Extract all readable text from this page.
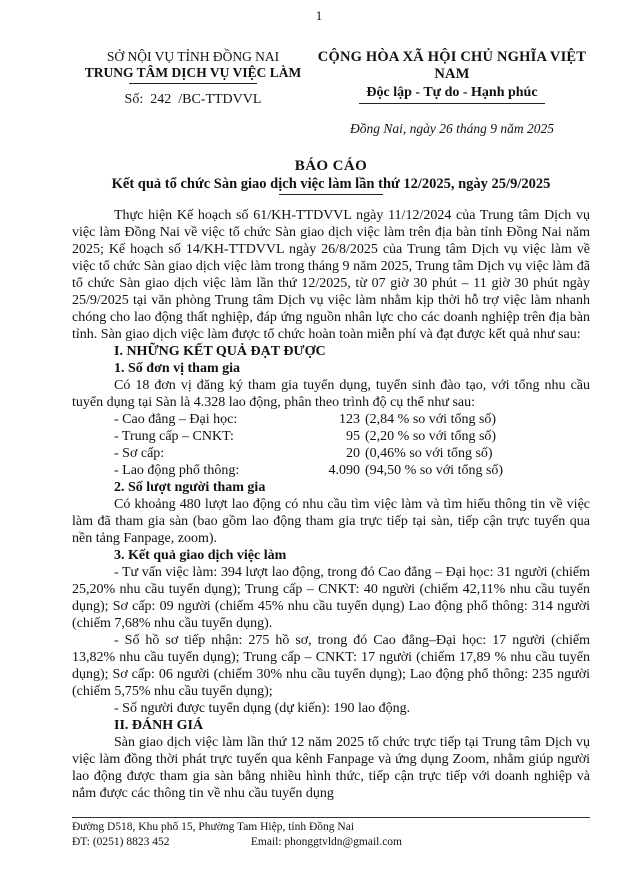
1
SỞ NỘI VỤ TỈNH ĐỒNG NAI
TRUNG TÂM DỊCH VỤ VIỆC LÀM
Số:  242  /BC-TTDVVL
CỘNG HÒA XÃ HỘI CHỦ NGHĨA VIỆT NAM
Độc lập - Tự do - Hạnh phúc
Đồng Nai, ngày 26 tháng 9 năm 2025
BÁO CÁO
Kết quả tổ chức Sàn giao dịch việc làm lần thứ 12/2025, ngày 25/9/2025

Thực hiện Kế hoạch số 61/KH-TTDVVL ngày 11/12/2024 của Trung tâm Dịch vụ việc làm Đồng Nai về việc tổ chức Sàn giao dịch việc làm trên địa bàn tỉnh Đồng Nai năm 2025; Kế hoạch số 14/KH-TTDVVL ngày 26/8/2025 của Trung tâm Dịch vụ việc làm về việc tổ chức Sàn giao dịch việc làm trong tháng 9 năm 2025, Trung tâm Dịch vụ việc làm đã tổ chức Sàn giao dịch việc làm lần thứ 12/2025, từ 07 giờ 30 phút – 11 giờ 30 phút ngày 25/9/2025 tại văn phòng Trung tâm Dịch vụ việc làm nhằm kịp thời hỗ trợ việc làm nhanh chóng cho lao động thất nghiệp, đáp ứng nguồn nhân lực cho các doanh nghiệp trên địa bàn tỉnh. Sàn giao dịch việc làm được tổ chức hoàn toàn miễn phí và đạt được kết quả như sau:

I. NHỮNG KẾT QUẢ ĐẠT ĐƯỢC

1. Số đơn vị tham gia

Có 18 đơn vị đăng ký tham gia tuyển dụng, tuyển sinh đào tạo, với tổng nhu cầu tuyển dụng tại Sàn là 4.328 lao động, phân theo trình độ cụ thể như sau:

- Cao đẳng – Đại học:	123 (2,84 % so với tổng số)
- Trung cấp – CNKT:	95 (2,20 % so với tổng số)
- Sơ cấp:	20 (0,46% so với tổng số)
- Lao động phổ thông:	4.090 (94,50 % so với tổng số)

2. Số lượt người tham gia

Có khoảng 480 lượt lao động có nhu cầu tìm việc làm và tìm hiểu thông tin về việc làm đã tham gia sàn (bao gồm lao động tham gia trực tiếp tại sàn, tiếp cận trực tuyến qua nền tảng Fanpage, zoom).

3. Kết quả giao dịch việc làm

- Tư vấn việc làm: 394 lượt lao động, trong đó Cao đẳng – Đại học: 31 người (chiếm 25,20% nhu cầu tuyển dụng); Trung cấp – CNKT: 40 người (chiếm 42,11% nhu cầu tuyển dụng); Sơ cấp: 09 người (chiếm 45% nhu cầu tuyển dụng) Lao động phổ thông: 314 người (chiếm 7,68% nhu cầu tuyển dụng).

- Số hồ sơ tiếp nhận: 275 hồ sơ, trong đó Cao đẳng–Đại học: 17 người (chiếm 13,82% nhu cầu tuyển dụng); Trung cấp – CNKT: 17 người (chiếm 17,89 % nhu cầu tuyển dụng); Sơ cấp: 06 người (chiếm 30% nhu cầu tuyển dụng); Lao động phổ thông: 235 người (chiếm 5,75% nhu cầu tuyển dụng);

- Số người được tuyển dụng (dự kiến): 190 lao động.

II. ĐÁNH GIÁ

Sàn giao dịch việc làm lần thứ 12 năm 2025 tổ chức trực tiếp tại Trung tâm Dịch vụ việc làm đồng thời phát trực tuyến qua kênh Fanpage và ứng dụng Zoom, nhằm giúp người lao động được tham gia sàn bằng nhiều hình thức, tiếp cận trực tiếp với doanh nghiệp và nắm được các thông tin về nhu cầu tuyển dụng

Đường D518, Khu phố 15, Phường Tam Hiệp, tỉnh Đồng Nai
ĐT: (0251) 8823 452	Email: phonggtvldn@gmail.com
